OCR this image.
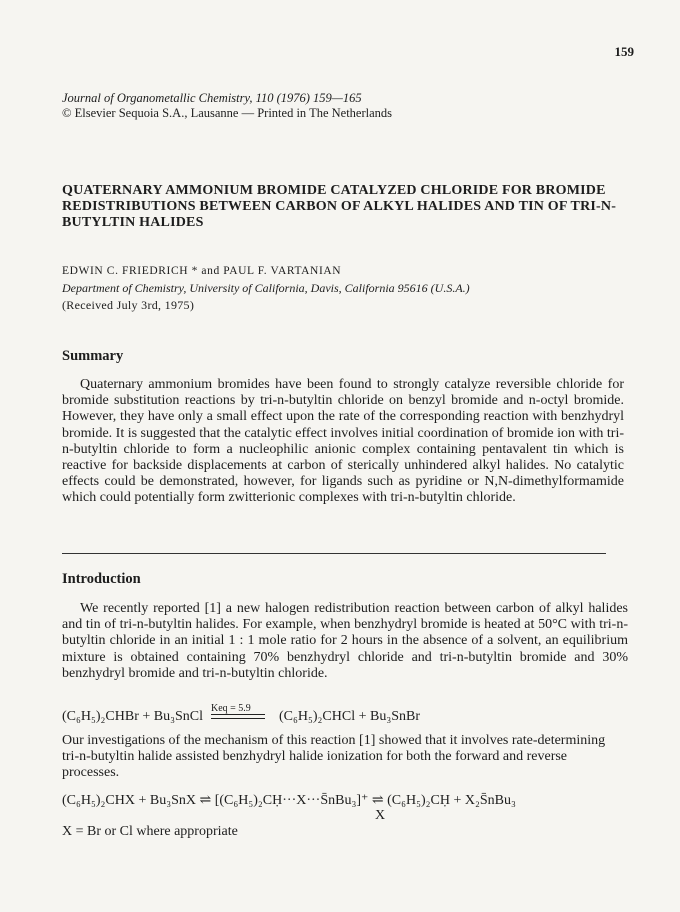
159
Journal of Organometallic Chemistry, 110 (1976) 159—165
© Elsevier Sequoia S.A., Lausanne — Printed in The Netherlands
QUATERNARY AMMONIUM BROMIDE CATALYZED CHLORIDE FOR BROMIDE REDISTRIBUTIONS BETWEEN CARBON OF ALKYL HALIDES AND TIN OF TRI-N-BUTYLTIN HALIDES
EDWIN C. FRIEDRICH * and PAUL F. VARTANIAN
Department of Chemistry, University of California, Davis, California 95616 (U.S.A.)
(Received July 3rd, 1975)
Summary
Quaternary ammonium bromides have been found to strongly catalyze reversible chloride for bromide substitution reactions by tri-n-butyltin chloride on benzyl bromide and n-octyl bromide. However, they have only a small effect upon the rate of the corresponding reaction with benzhydryl bromide. It is suggested that the catalytic effect involves initial coordination of bromide ion with tri-n-butyltin chloride to form a nucleophilic anionic complex containing pentavalent tin which is reactive for backside displacements at carbon of sterically unhindered alkyl halides. No catalytic effects could be demonstrated, however, for ligands such as pyridine or N,N-dimethylformamide which could potentially form zwitterionic complexes with tri-n-butyltin chloride.
Introduction
We recently reported [1] a new halogen redistribution reaction between carbon of alkyl halides and tin of tri-n-butyltin halides. For example, when benzhydryl bromide is heated at 50°C with tri-n-butyltin chloride in an initial 1 : 1 mole ratio for 2 hours in the absence of a solvent, an equilibrium mixture is obtained containing 70% benzhydryl chloride and tri-n-butyltin bromide and 30% benzhydryl bromide and tri-n-butyltin chloride.
(C₆H₅)₂CHBr + Bu₃SnCl
Keq = 5.9
(C₆H₅)₂CHCl + Bu₃SnBr
Our investigations of the mechanism of this reaction [1] showed that it involves rate-determining tri-n-butyltin halide assisted benzhydryl halide ionization for both the forward and reverse processes.
(C₆H₅)₂CHX + Bu₃SnX ⇌ [(C₆H₅)₂CḤ···X···S̄nBu₃]⁺ ⇌ (C₆H₅)₂CḤ + X₂S̄nBu₃
X
X = Br or Cl where appropriate
